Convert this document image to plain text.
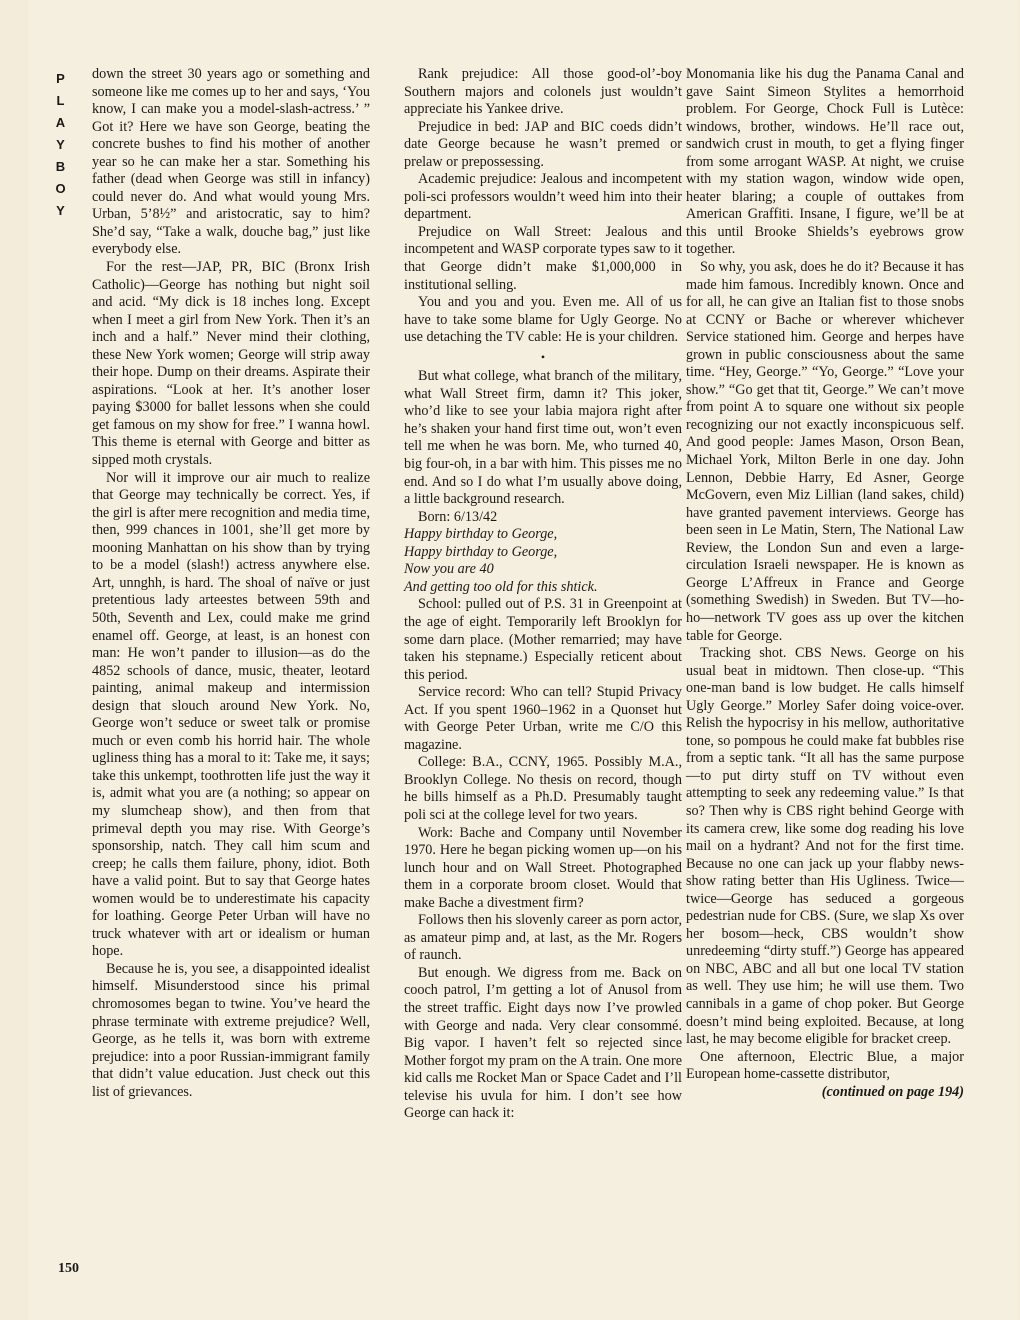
P
L
A
Y
B
O
Y

down the street 30 years ago or something and someone like me comes up to her and says, ‘You know, I can make you a model-slash-actress.’ ” Got it? Here we have son George, beating the concrete bushes to find his mother of another year so he can make her a star. Something his father (dead when George was still in infancy) could never do. And what would young Mrs. Urban, 5’8½” and aristocratic, say to him? She’d say, “Take a walk, douche bag,” just like everybody else.

For the rest—JAP, PR, BIC (Bronx Irish Catholic)—George has nothing but night soil and acid. “My dick is 18 inches long. Except when I meet a girl from New York. Then it’s an inch and a half.” Never mind their clothing, these New York women; George will strip away their hope. Dump on their dreams. Aspirate their aspirations. “Look at her. It’s another loser paying $3000 for ballet lessons when she could get famous on my show for free.” I wanna howl. This theme is eternal with George and bitter as sipped moth crystals.

Nor will it improve our air much to realize that George may technically be correct. Yes, if the girl is after mere recognition and media time, then, 999 chances in 1001, she’ll get more by mooning Manhattan on his show than by trying to be a model (slash!) actress anywhere else. Art, unnghh, is hard. The shoal of naïve or just pretentious lady arteestes between 59th and 50th, Seventh and Lex, could make me grind enamel off. George, at least, is an honest con man: He won’t pander to illusion—as do the 4852 schools of dance, music, theater, leotard painting, animal makeup and intermission design that slouch around New York. No, George won’t seduce or sweet talk or promise much or even comb his horrid hair. The whole ugliness thing has a moral to it: Take me, it says; take this unkempt, toothrotten life just the way it is, admit what you are (a nothing; so appear on my slumcheap show), and then from that primeval depth you may rise. With George’s sponsorship, natch. They call him scum and creep; he calls them failure, phony, idiot. Both have a valid point. But to say that George hates women would be to underestimate his capacity for loathing. George Peter Urban will have no truck whatever with art or idealism or human hope.

Because he is, you see, a disappointed idealist himself. Misunderstood since his primal chromosomes began to twine. You’ve heard the phrase terminate with extreme prejudice? Well, George, as he tells it, was born with extreme prejudice: into a poor Russian-immigrant family that didn’t value education. Just check out this list of grievances.

Rank prejudice: All those good-ol’-boy Southern majors and colonels just wouldn’t appreciate his Yankee drive.

Prejudice in bed: JAP and BIC coeds didn’t date George because he wasn’t premed or prelaw or prepossessing.

Academic prejudice: Jealous and incompetent poli-sci professors wouldn’t weed him into their department.

Prejudice on Wall Street: Jealous and incompetent and WASP corporate types saw to it that George didn’t make $1,000,000 in institutional selling.

You and you and you. Even me. All of us have to take some blame for Ugly George. No use detaching the TV cable: He is your children.

•

But what college, what branch of the military, what Wall Street firm, damn it? This joker, who’d like to see your labia majora right after he’s shaken your hand first time out, won’t even tell me when he was born. Me, who turned 40, big four-oh, in a bar with him. This pisses me no end. And so I do what I’m usually above doing, a little background research.

Born: 6/13/42

Happy birthday to George,

Happy birthday to George,

Now you are 40

And getting too old for this shtick.

School: pulled out of P.S. 31 in Greenpoint at the age of eight. Temporarily left Brooklyn for some darn place. (Mother remarried; may have taken his stepname.) Especially reticent about this period.

Service record: Who can tell? Stupid Privacy Act. If you spent 1960–1962 in a Quonset hut with George Peter Urban, write me C/O this magazine.

College: B.A., CCNY, 1965. Possibly M.A., Brooklyn College. No thesis on record, though he bills himself as a Ph.D. Presumably taught poli sci at the college level for two years.

Work: Bache and Company until November 1970. Here he began picking women up—on his lunch hour and on Wall Street. Photographed them in a corporate broom closet. Would that make Bache a divestment firm?

Follows then his slovenly career as porn actor, as amateur pimp and, at last, as the Mr. Rogers of raunch.

But enough. We digress from me. Back on cooch patrol, I’m getting a lot of Anusol from the street traffic. Eight days now I’ve prowled with George and nada. Very clear consommé. Big vapor. I haven’t felt so rejected since Mother forgot my pram on the A train. One more kid calls me Rocket Man or Space Cadet and I’ll televise his uvula for him. I don’t see how George can hack it:

Monomania like his dug the Panama Canal and gave Saint Simeon Stylites a hemorrhoid problem. For George, Chock Full is Lutèce: windows, brother, windows. He’ll race out, sandwich crust in mouth, to get a flying finger from some arrogant WASP. At night, we cruise with my station wagon, window wide open, heater blaring; a couple of outtakes from American Graffiti. Insane, I figure, we’ll be at this until Brooke Shields’s eyebrows grow together.

So why, you ask, does he do it? Because it has made him famous. Incredibly known. Once and for all, he can give an Italian fist to those snobs at CCNY or Bache or wherever whichever Service stationed him. George and herpes have grown in public consciousness about the same time. “Hey, George.” “Yo, George.” “Love your show.” “Go get that tit, George.” We can’t move from point A to square one without six people recognizing our not exactly inconspicuous self. And good people: James Mason, Orson Bean, Michael York, Milton Berle in one day. John Lennon, Debbie Harry, Ed Asner, George McGovern, even Miz Lillian (land sakes, child) have granted pavement interviews. George has been seen in Le Matin, Stern, The National Law Review, the London Sun and even a large-circulation Israeli newspaper. He is known as George L’Affreux in France and George (something Swedish) in Sweden. But TV—ho-ho—network TV goes ass up over the kitchen table for George.

Tracking shot. CBS News. George on his usual beat in midtown. Then close-up. “This one-man band is low budget. He calls himself Ugly George.” Morley Safer doing voice-over. Relish the hypocrisy in his mellow, authoritative tone, so pompous he could make fat bubbles rise from a septic tank. “It all has the same purpose—to put dirty stuff on TV without even attempting to seek any redeeming value.” Is that so? Then why is CBS right behind George with its camera crew, like some dog reading his love mail on a hydrant? And not for the first time. Because no one can jack up your flabby news-show rating better than His Ugliness. Twice—twice—George has seduced a gorgeous pedestrian nude for CBS. (Sure, we slap Xs over her bosom—heck, CBS wouldn’t show unredeeming “dirty stuff.”) George has appeared on NBC, ABC and all but one local TV station as well. They use him; he will use them. Two cannibals in a game of chop poker. But George doesn’t mind being exploited. Because, at long last, he may become eligible for bracket creep.

One afternoon, Electric Blue, a major European home-cassette distributor,

(continued on page 194)

150
